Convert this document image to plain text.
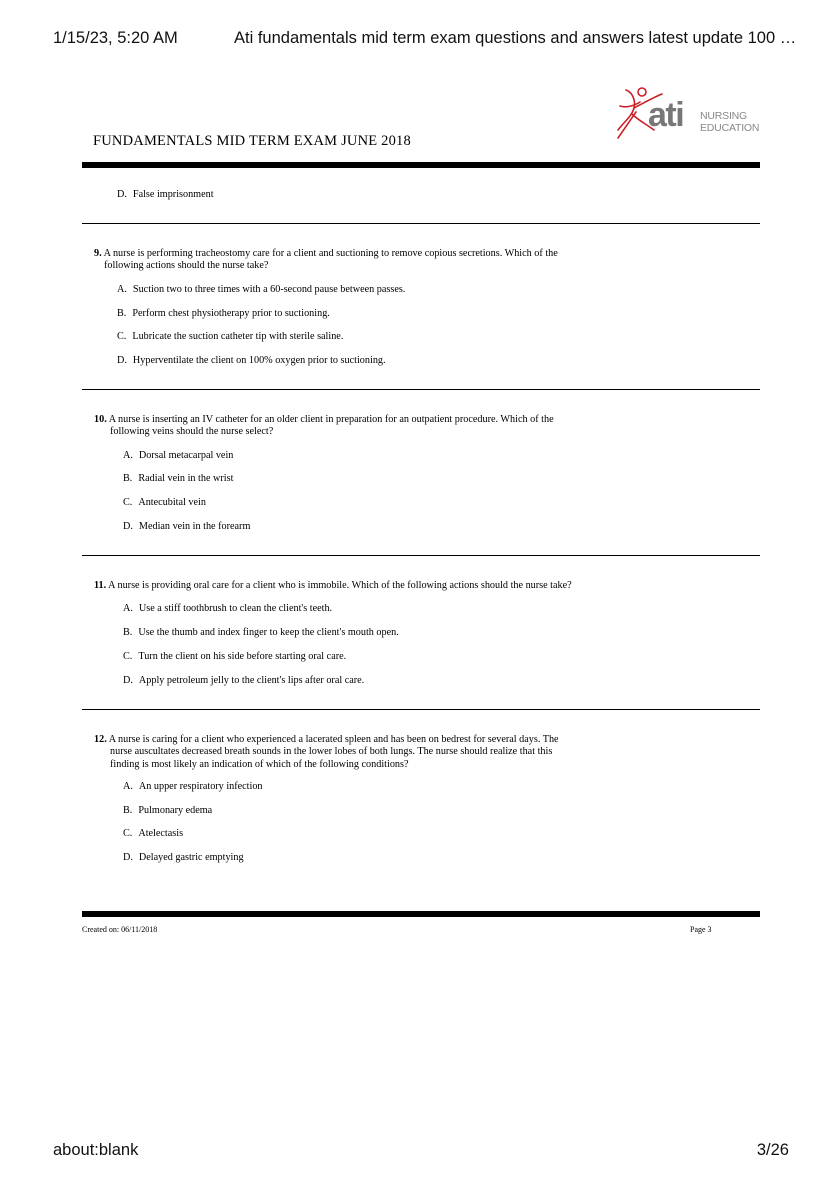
1/15/23, 5:20 AM	Ati fundamentals mid term exam questions and answers latest update 100 …
FUNDAMENTALS MID TERM EXAM JUNE 2018
ati NURSING
EDUCATION
D. False imprisonment
9. A nurse is performing tracheostomy care for a client and suctioning to remove copious secretions. Which of the
following actions should the nurse take?
A. Suction two to three times with a 60-second pause between passes.
B. Perform chest physiotherapy prior to suctioning.
C. Lubricate the suction catheter tip with sterile saline.
D. Hyperventilate the client on 100% oxygen prior to suctioning.
10. A nurse is inserting an IV catheter for an older client in preparation for an outpatient procedure. Which of the
following veins should the nurse select?
A. Dorsal metacarpal vein
B. Radial vein in the wrist
C. Antecubital vein
D. Median vein in the forearm
11. A nurse is providing oral care for a client who is immobile. Which of the following actions should the nurse take?
A. Use a stiff toothbrush to clean the client's teeth.
B. Use the thumb and index finger to keep the client's mouth open.
C. Turn the client on his side before starting oral care.
D. Apply petroleum jelly to the client's lips after oral care.
12. A nurse is caring for a client who experienced a lacerated spleen and has been on bedrest for several days. The
nurse auscultates decreased breath sounds in the lower lobes of both lungs. The nurse should realize that this
finding is most likely an indication of which of the following conditions?
A. An upper respiratory infection
B. Pulmonary edema
C. Atelectasis
D. Delayed gastric emptying
Created on: 06/11/2018	Page 3
about:blank	3/26
